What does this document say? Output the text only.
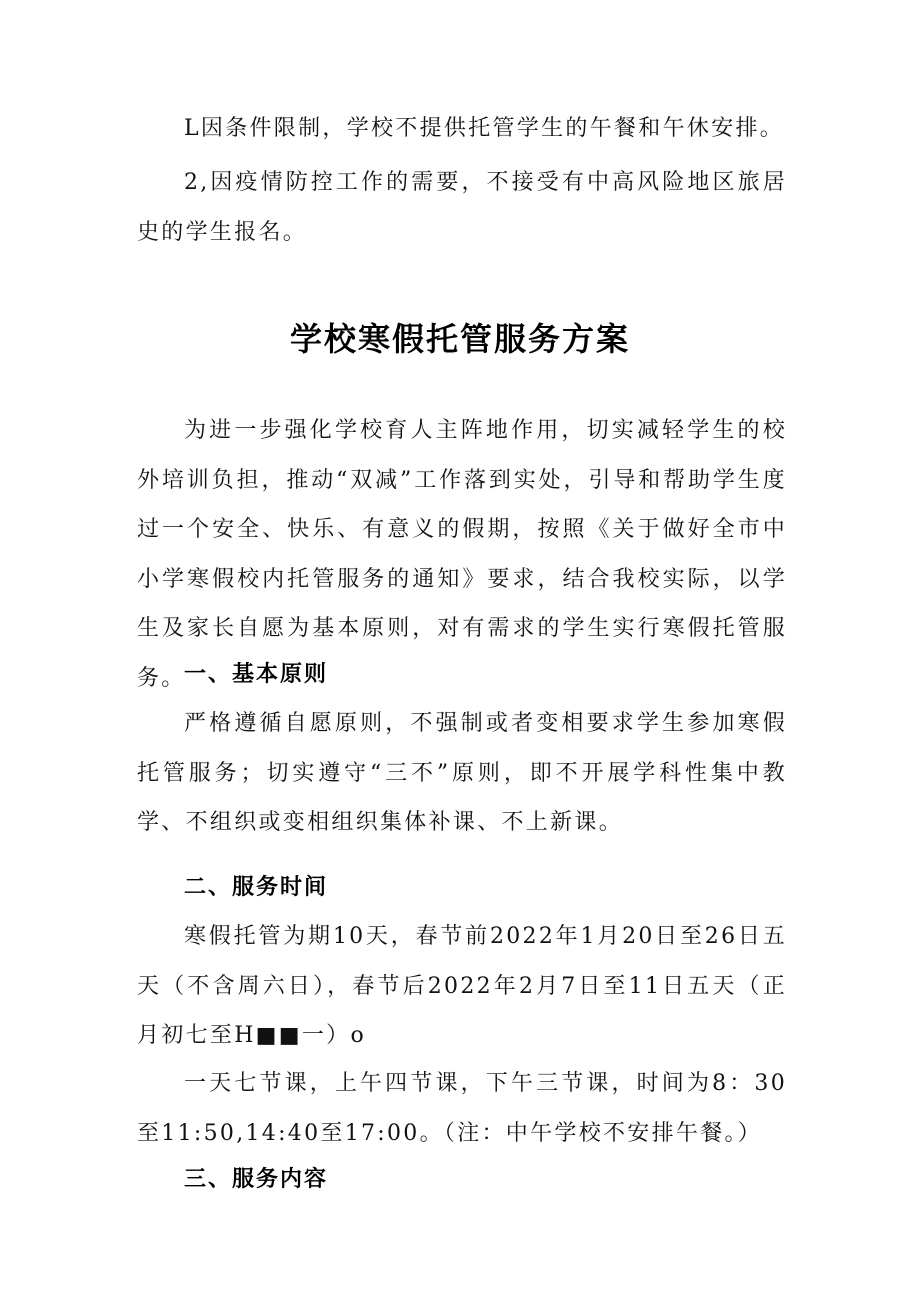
L因条件限制，学校不提供托管学生的午餐和午休安排。
2,因疫情防控工作的需要，不接受有中高风险地区旅居史的学生报名。
学校寒假托管服务方案
为进一步强化学校育人主阵地作用，切实减轻学生的校外培训负担，推动“双减”工作落到实处，引导和帮助学生度过一个安全、快乐、有意义的假期，按照《关于做好全市中小学寒假校内托管服务的通知》要求，结合我校实际，以学生及家长自愿为基本原则，对有需求的学生实行寒假托管服务。
一、基本原则
严格遵循自愿原则，不强制或者变相要求学生参加寒假托管服务；切实遵守“三不”原则，即不开展学科性集中教学、不组织或变相组织集体补课、不上新课。
二、服务时间
寒假托管为期10天，春节前2022年1月20日至26日五天（不含周六日），春节后2022年2月7日至11日五天（正月初七至H■■一）o
一天七节课，上午四节课，下午三节课，时间为8：30至11:50,14:40至17:00。（注：中午学校不安排午餐。）
三、服务内容
